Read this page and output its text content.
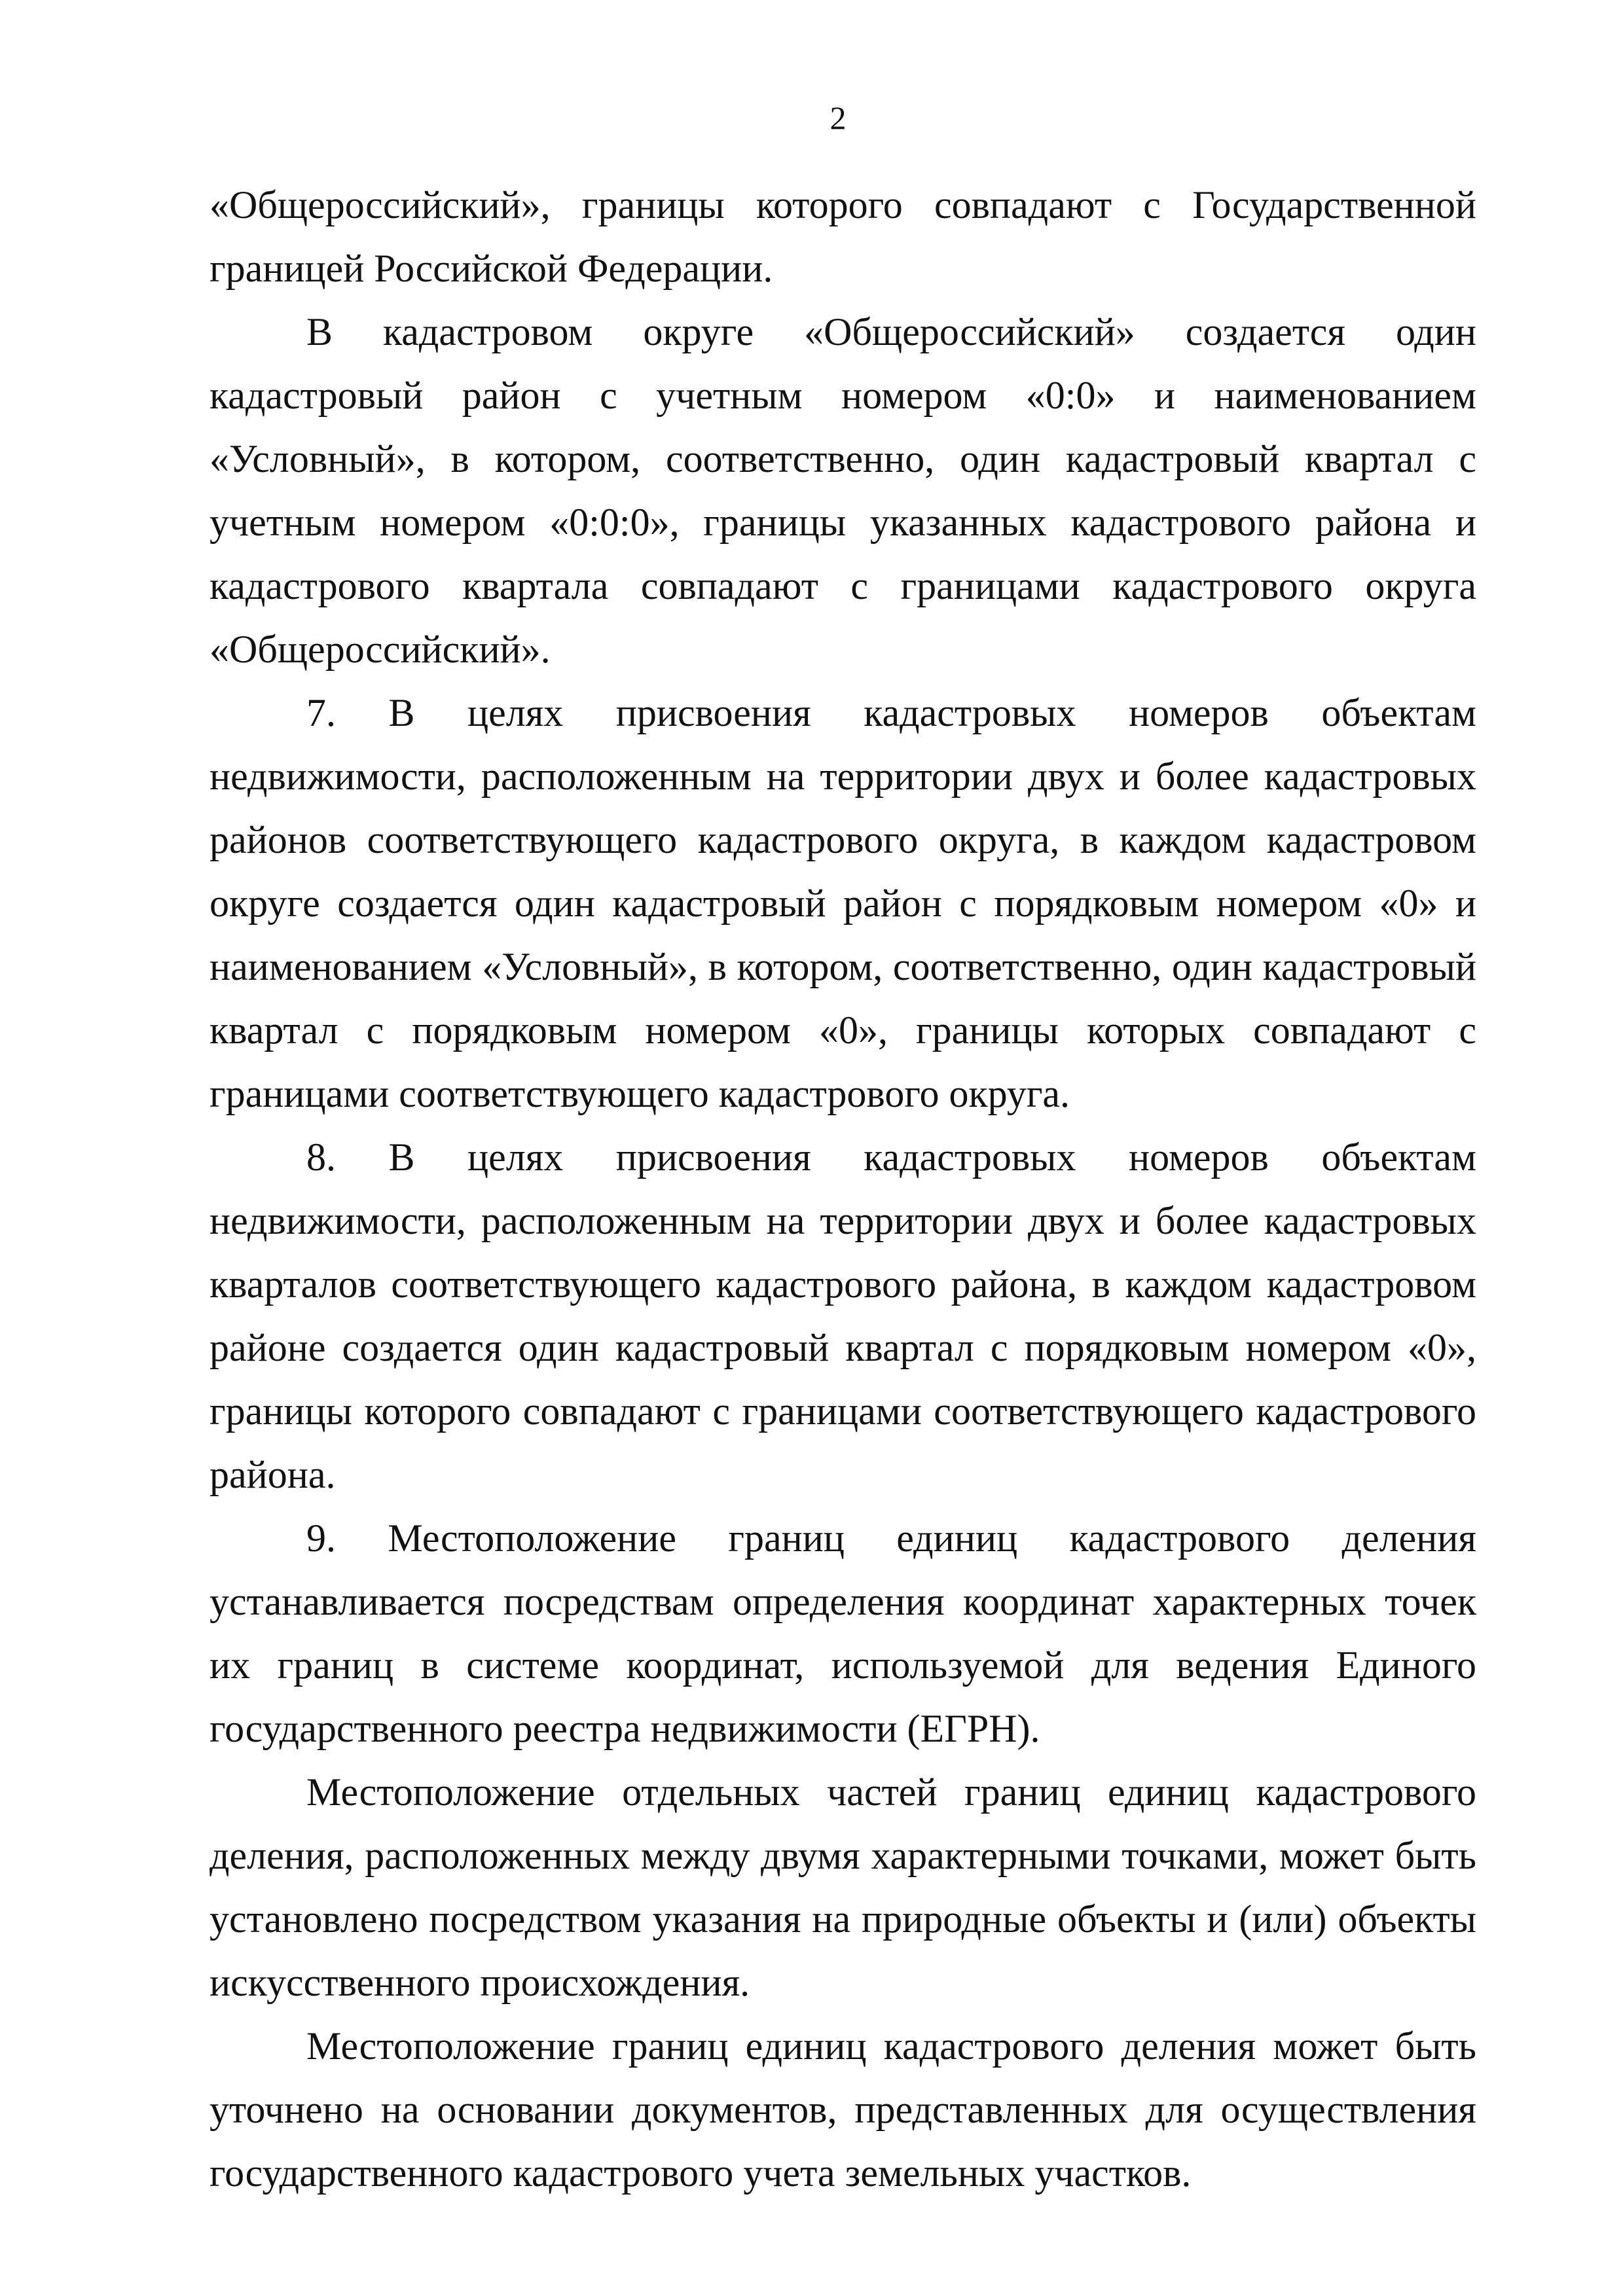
2

«Общероссийский», границы которого совпадают с Государственной границей Российской Федерации.

В кадастровом округе «Общероссийский» создается один кадастровый район с учетным номером «0:0» и наименованием «Условный», в котором, соответственно, один кадастровый квартал с учетным номером «0:0:0», границы указанных кадастрового района и кадастрового квартала совпадают с границами кадастрового округа «Общероссийский».

7. В целях присвоения кадастровых номеров объектам недвижимости, расположенным на территории двух и более кадастровых районов соответствующего кадастрового округа, в каждом кадастровом округе создается один кадастровый район с порядковым номером «0» и наименованием «Условный», в котором, соответственно, один кадастровый квартал с порядковым номером «0», границы которых совпадают с границами соответствующего кадастрового округа.

8. В целях присвоения кадастровых номеров объектам недвижимости, расположенным на территории двух и более кадастровых кварталов соответствующего кадастрового района, в каждом кадастровом районе создается один кадастровый квартал с порядковым номером «0», границы которого совпадают с границами соответствующего кадастрового района.

9. Местоположение границ единиц кадастрового деления устанавливается посредствам определения координат характерных точек их границ в системе координат, используемой для ведения Единого государственного реестра недвижимости (ЕГРН).

Местоположение отдельных частей границ единиц кадастрового деления, расположенных между двумя характерными точками, может быть установлено посредством указания на природные объекты и (или) объекты искусственного происхождения.

Местоположение границ единиц кадастрового деления может быть уточнено на основании документов, представленных для осуществления государственного кадастрового учета земельных участков.
